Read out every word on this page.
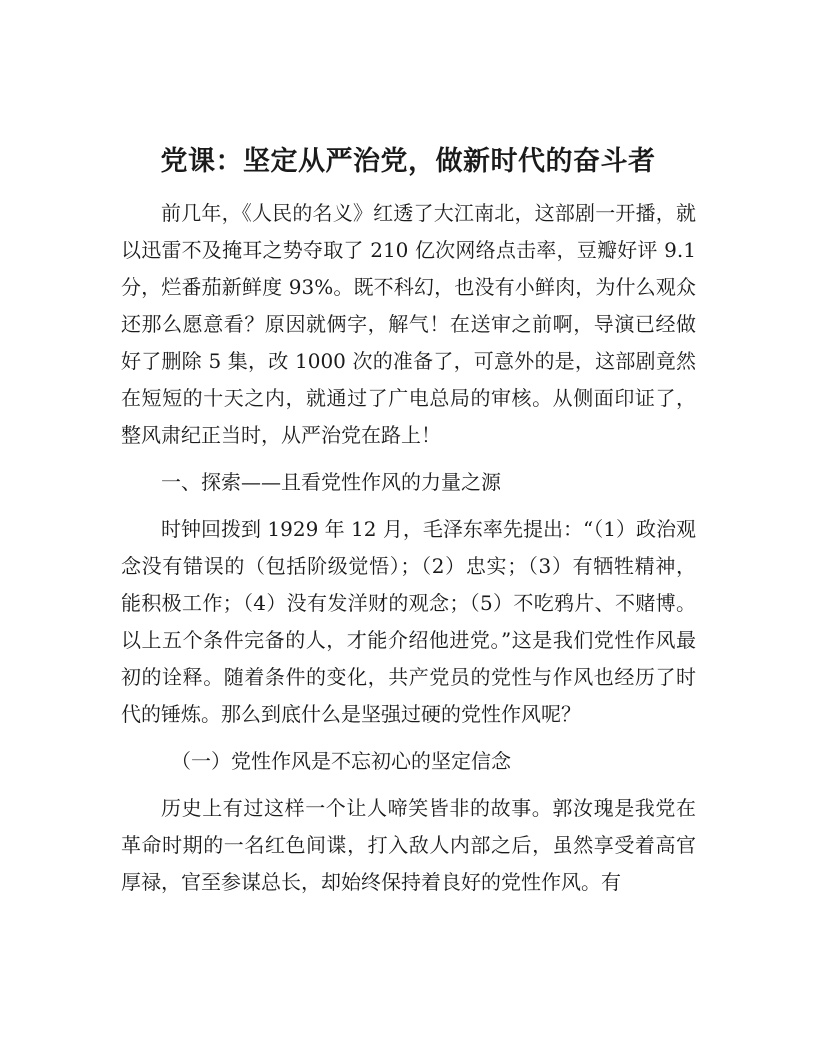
党课：坚定从严治党，做新时代的奋斗者

前几年，《人民的名义》红透了大江南北，这部剧一开播，就以迅雷不及掩耳之势夺取了 210 亿次网络点击率，豆瓣好评 9.1 分，烂番茄新鲜度 93%。既不科幻，也没有小鲜肉，为什么观众还那么愿意看？原因就俩字，解气！在送审之前啊，导演已经做好了删除 5 集，改 1000 次的准备了，可意外的是，这部剧竟然在短短的十天之内，就通过了广电总局的审核。从侧面印证了，整风肃纪正当时，从严治党在路上！

一、探索——且看党性作风的力量之源

时钟回拨到 1929 年 12 月，毛泽东率先提出：“（1）政治观念没有错误的（包括阶级觉悟）；（2）忠实；（3）有牺牲精神，能积极工作；（4）没有发洋财的观念；（5）不吃鸦片、不赌博。以上五个条件完备的人，才能介绍他进党。”这是我们党性作风最初的诠释。随着条件的变化，共产党员的党性与作风也经历了时代的锤炼。那么到底什么是坚强过硬的党性作风呢？

（一）党性作风是不忘初心的坚定信念

历史上有过这样一个让人啼笑皆非的故事。郭汝瑰是我党在革命时期的一名红色间谍，打入敌人内部之后，虽然享受着高官厚禄，官至参谋总长，却始终保持着良好的党性作风。有
